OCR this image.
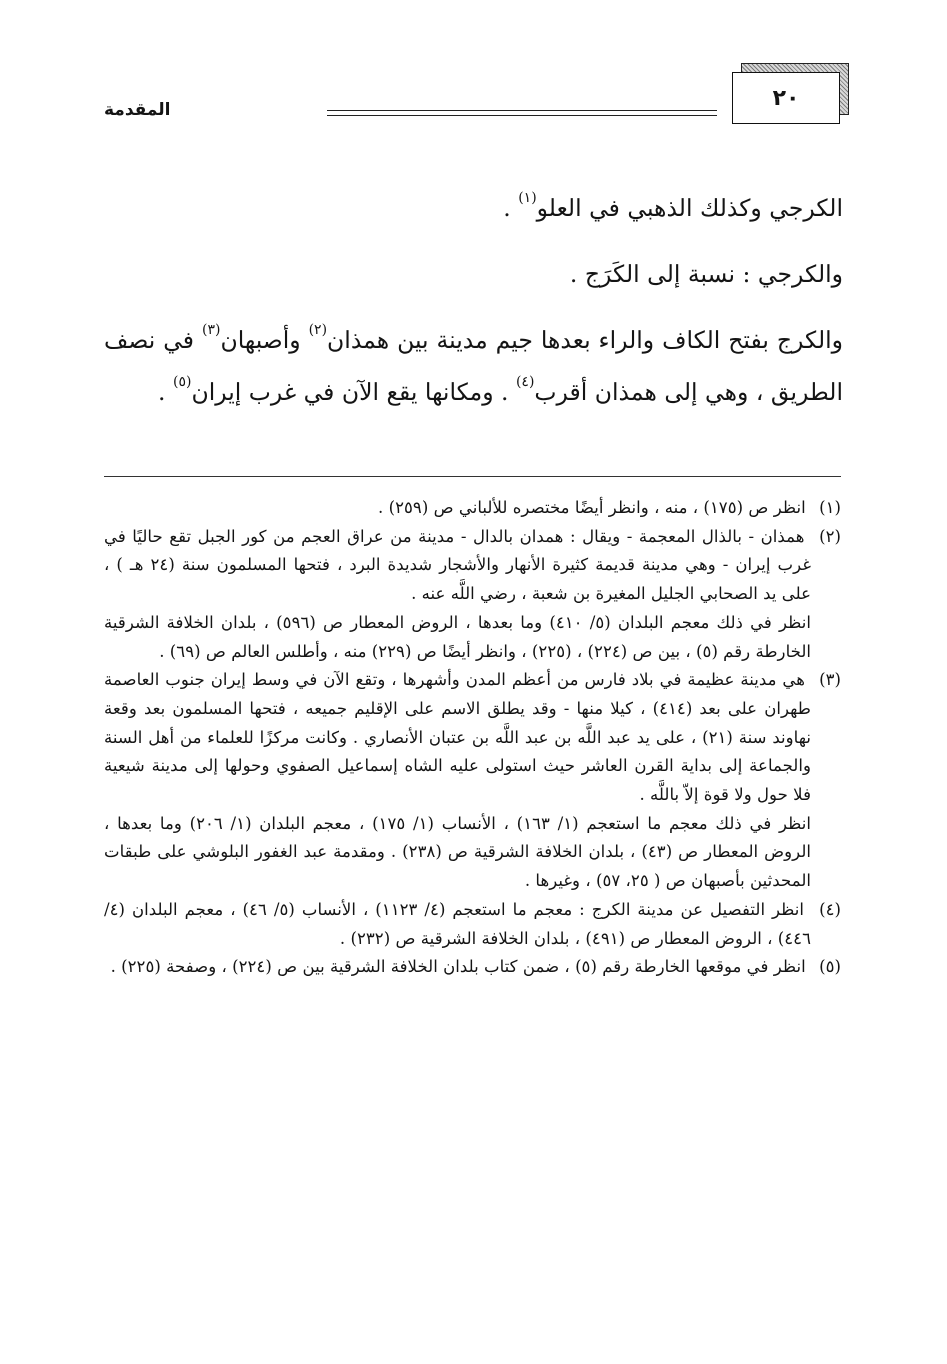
٢٠
المقدمة

الكرجي وكذلك الذهبي في العلو$^{(١)}$ .

والكرجي : نسبة إلى الكَرَج .

والكرج بفتح الكاف والراء بعدها جيم مدينة بين همذان$^{(٢)}$ وأصبهان$^{(٣)}$ في نصف الطريق ، وهي إلى همذان أقرب$^{(٤)}$ . ومكانها يقع الآن في غرب إيران$^{(٥)}$ .

(١) انظر ص (١٧٥) ، منه ، وانظر أيضًا مختصره للألباني ص (٢٥٩) .

(٢) همذان - بالذال المعجمة - ويقال : همدان بالدال - مدينة من عراق العجم من كور الجبل تقع حاليًا في غرب إيران - وهي مدينة قديمة كثيرة الأنهار والأشجار شديدة البرد ، فتحها المسلمون سنة (٢٤ هـ ) ، على يد الصحابي الجليل المغيرة بن شعبة ، رضي اللَّه عنه .

انظر في ذلك معجم البلدان (٥/ ٤١٠) وما بعدها ، الروض المعطار ص (٥٩٦) ، بلدان الخلافة الشرقية الخارطة رقم (٥) ، بين ص (٢٢٤) ، (٢٢٥) ، وانظر أيضًا ص (٢٢٩) منه ، وأطلس العالم ص (٦٩) .

(٣) هي مدينة عظيمة في بلاد فارس من أعظم المدن وأشهرها ، وتقع الآن في وسط إيران جنوب العاصمة طهران على بعد (٤١٤) ، كيلا منها - وقد يطلق الاسم على الإقليم جميعه ، فتحها المسلمون بعد وقعة نهاوند سنة (٢١) ، على يد عبد اللَّه بن عبد اللَّه بن عتبان الأنصاري . وكانت مركزًا للعلماء من أهل السنة والجماعة إلى بداية القرن العاشر حيث استولى عليه الشاه إسماعيل الصفوي وحولها إلى مدينة شيعية فلا حول ولا قوة إلاّ باللَّه .

انظر في ذلك معجم ما استعجم (١/ ١٦٣) ، الأنساب (١/ ١٧٥) ، معجم البلدان (١/ ٢٠٦) وما بعدها ، الروض المعطار ص (٤٣) ، بلدان الخلافة الشرقية ص (٢٣٨) . ومقدمة عبد الغفور البلوشي على طبقات المحدثين بأصبهان ص ( ٢٥، ٥٧) ، وغيرها .

(٤) انظر التفصيل عن مدينة الكرج : معجم ما استعجم (٤/ ١١٢٣) ، الأنساب (٥/ ٤٦) ، معجم البلدان (٤/ ٤٤٦) ، الروض المعطار ص (٤٩١) ، بلدان الخلافة الشرقية ص (٢٣٢) .

(٥) انظر في موقعها الخارطة رقم (٥) ، ضمن كتاب بلدان الخلافة الشرقية بين ص (٢٢٤) ، وصفحة (٢٢٥) .
